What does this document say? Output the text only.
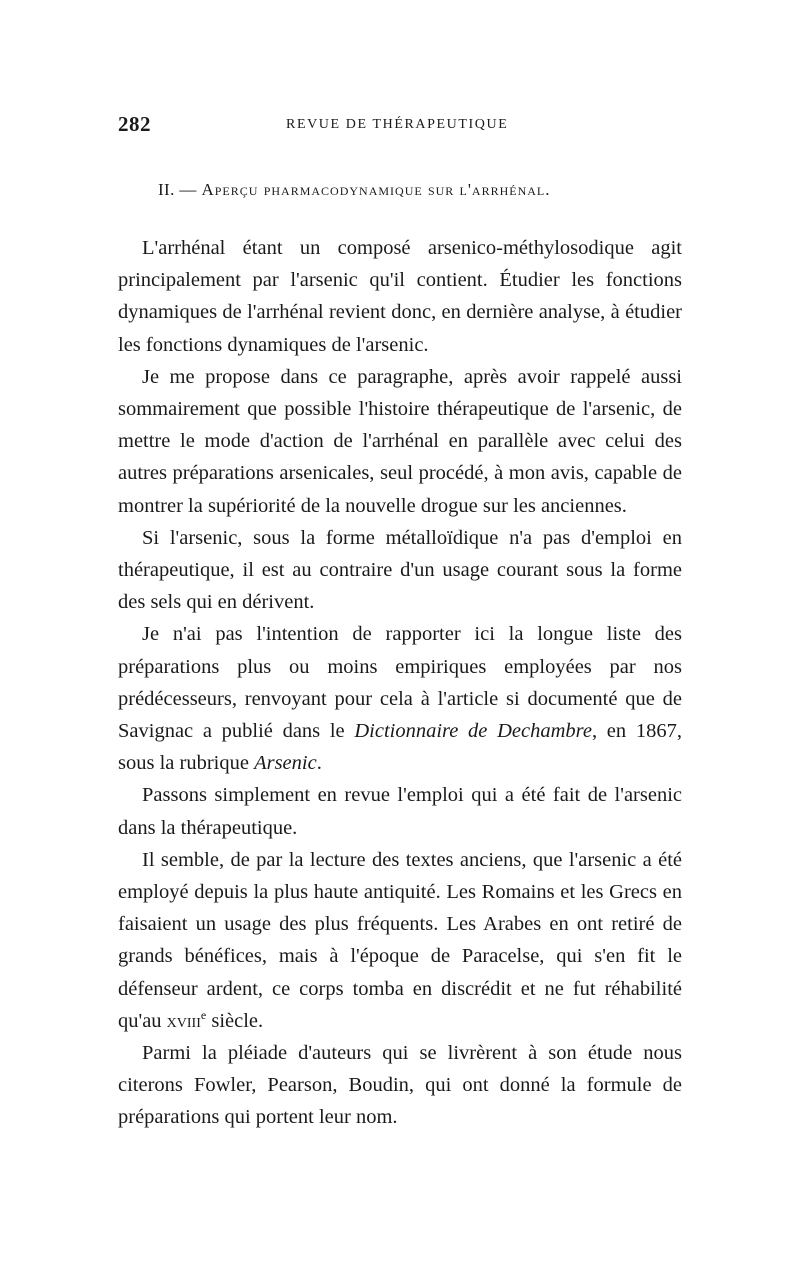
282	REVUE DE THÉRAPEUTIQUE
II. — Aperçu pharmacodynamique sur l'arrhénal.

L'arrhénal étant un composé arsenico-méthylosodique agit principalement par l'arsenic qu'il contient. Étudier les fonctions dynamiques de l'arrhénal revient donc, en dernière analyse, à étudier les fonctions dynamiques de l'arsenic.

Je me propose dans ce paragraphe, après avoir rappelé aussi sommairement que possible l'histoire thérapeutique de l'arsenic, de mettre le mode d'action de l'arrhénal en parallèle avec celui des autres préparations arsenicales, seul procédé, à mon avis, capable de montrer la supériorité de la nouvelle drogue sur les anciennes.

Si l'arsenic, sous la forme métalloïdique n'a pas d'emploi en thérapeutique, il est au contraire d'un usage courant sous la forme des sels qui en dérivent.

Je n'ai pas l'intention de rapporter ici la longue liste des préparations plus ou moins empiriques employées par nos prédécesseurs, renvoyant pour cela à l'article si documenté que de Savignac a publié dans le Dictionnaire de Dechambre, en 1867, sous la rubrique Arsenic.

Passons simplement en revue l'emploi qui a été fait de l'arsenic dans la thérapeutique.

Il semble, de par la lecture des textes anciens, que l'arsenic a été employé depuis la plus haute antiquité. Les Romains et les Grecs en faisaient un usage des plus fréquents. Les Arabes en ont retiré de grands bénéfices, mais à l'époque de Paracelse, qui s'en fit le défenseur ardent, ce corps tomba en discrédit et ne fut réhabilité qu'au xviii$^e$ siècle.

Parmi la pléiade d'auteurs qui se livrèrent à son étude nous citerons Fowler, Pearson, Boudin, qui ont donné la formule de préparations qui portent leur nom.
